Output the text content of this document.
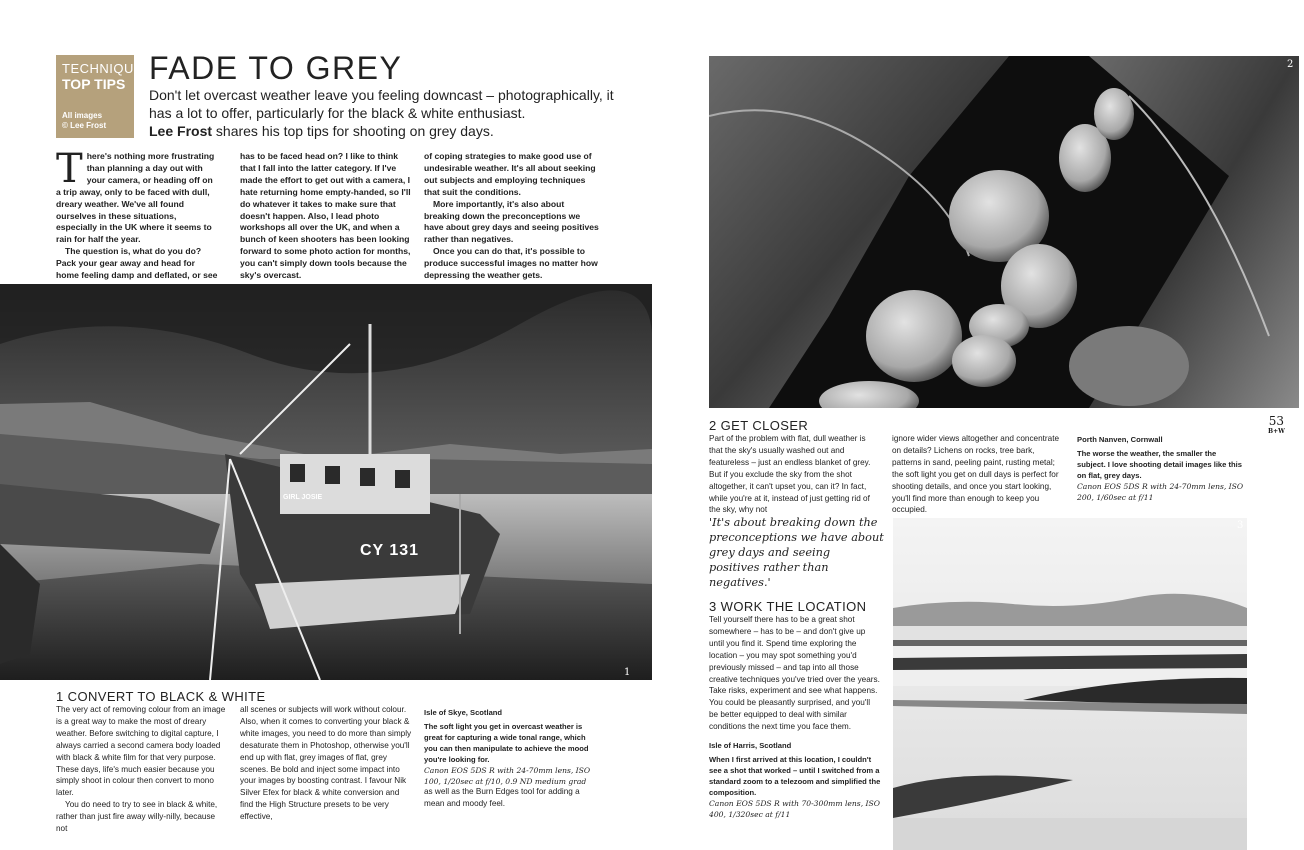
TECHNIQUE
TOP TIPS
All images
© Lee Frost
FADE TO GREY
Don't let overcast weather leave you feeling downcast – photographically, it has a lot to offer, particularly for the black & white enthusiast.
Lee Frost shares his top tips for shooting on grey days.

There's nothing more frustrating than planning a day out with your camera, or heading off on a trip away, only to be faced with dull, dreary weather. We've all found ourselves in these situations, especially in the UK where it seems to rain for half the year.

The question is, what do you do? Pack your gear away and head for home feeling damp and deflated, or see

has to be faced head on? I like to think that I fall into the latter category. If I've made the effort to get out with a camera, I hate returning home empty-handed, so I'll do whatever it takes to make sure that doesn't happen. Also, I lead photo workshops all over the UK, and when a bunch of keen shooters has been looking forward to some photo action for months, you can't simply down tools because the sky's overcast.

of coping strategies to make good use of undesirable weather. It's all about seeking out subjects and employing techniques that suit the conditions.

More importantly, it's also about breaking down the preconceptions we have about grey days and seeing positives rather than negatives.

Once you can do that, it's possible to produce successful images no matter how depressing the weather gets.

GIRL JOSIE
CY 131
1
1 CONVERT TO BLACK & WHITE

The very act of removing colour from an image is a great way to make the most of dreary weather. Before switching to digital capture, I always carried a second camera body loaded with black & white film for that very purpose. These days, life's much easier because you simply shoot in colour then convert to mono later.

You do need to try to see in black & white, rather than just fire away willy-nilly, because not

all scenes or subjects will work without colour. Also, when it comes to converting your black & white images, you need to do more than simply desaturate them in Photoshop, otherwise you'll end up with flat, grey images of flat, grey scenes. Be bold and inject some impact into your images by boosting contrast. I favour Nik Silver Efex for black & white conversion and find the High Structure presets to be very effective,

Isle of Skye, Scotland
The soft light you get in overcast weather is great for capturing a wide tonal range, which you can then manipulate to achieve the mood you're looking for.
Canon EOS 5DS R with 24-70mm lens, ISO 100, 1/20sec at f/10, 0.9 ND medium grad

as well as the Burn Edges tool for adding a mean and moody feel.

2
2 GET CLOSER

Part of the problem with flat, dull weather is that the sky's usually washed out and featureless – just an endless blanket of grey. But if you exclude the sky from the shot altogether, it can't upset you, can it? In fact, while you're at it, instead of just getting rid of the sky, why not

ignore wider views altogether and concentrate on details? Lichens on rocks, tree bark, patterns in sand, peeling paint, rusting metal; the soft light you get on dull days is perfect for shooting details, and once you start looking, you'll find more than enough to keep you occupied.

Porth Nanven, Cornwall
The worse the weather, the smaller the subject. I love shooting detail images like this on flat, grey days.
Canon EOS 5DS R with 24-70mm lens, ISO 200, 1/60sec at f/11
3
'It's about breaking down the preconceptions we have about grey days and seeing positives rather than negatives.'
3 WORK THE LOCATION

Tell yourself there has to be a great shot somewhere – has to be – and don't give up until you find it. Spend time exploring the location – you may spot something you'd previously missed – and tap into all those creative techniques you've tried over the years. Take risks, experiment and see what happens. You could be pleasantly surprised, and you'll be better equipped to deal with similar conditions the next time you face them.

Isle of Harris, Scotland
When I first arrived at this location, I couldn't see a shot that worked – until I switched from a standard zoom to a telezoom and simplified the composition.
Canon EOS 5DS R with 70-300mm lens, ISO 400, 1/320sec at f/11
53
B+W
